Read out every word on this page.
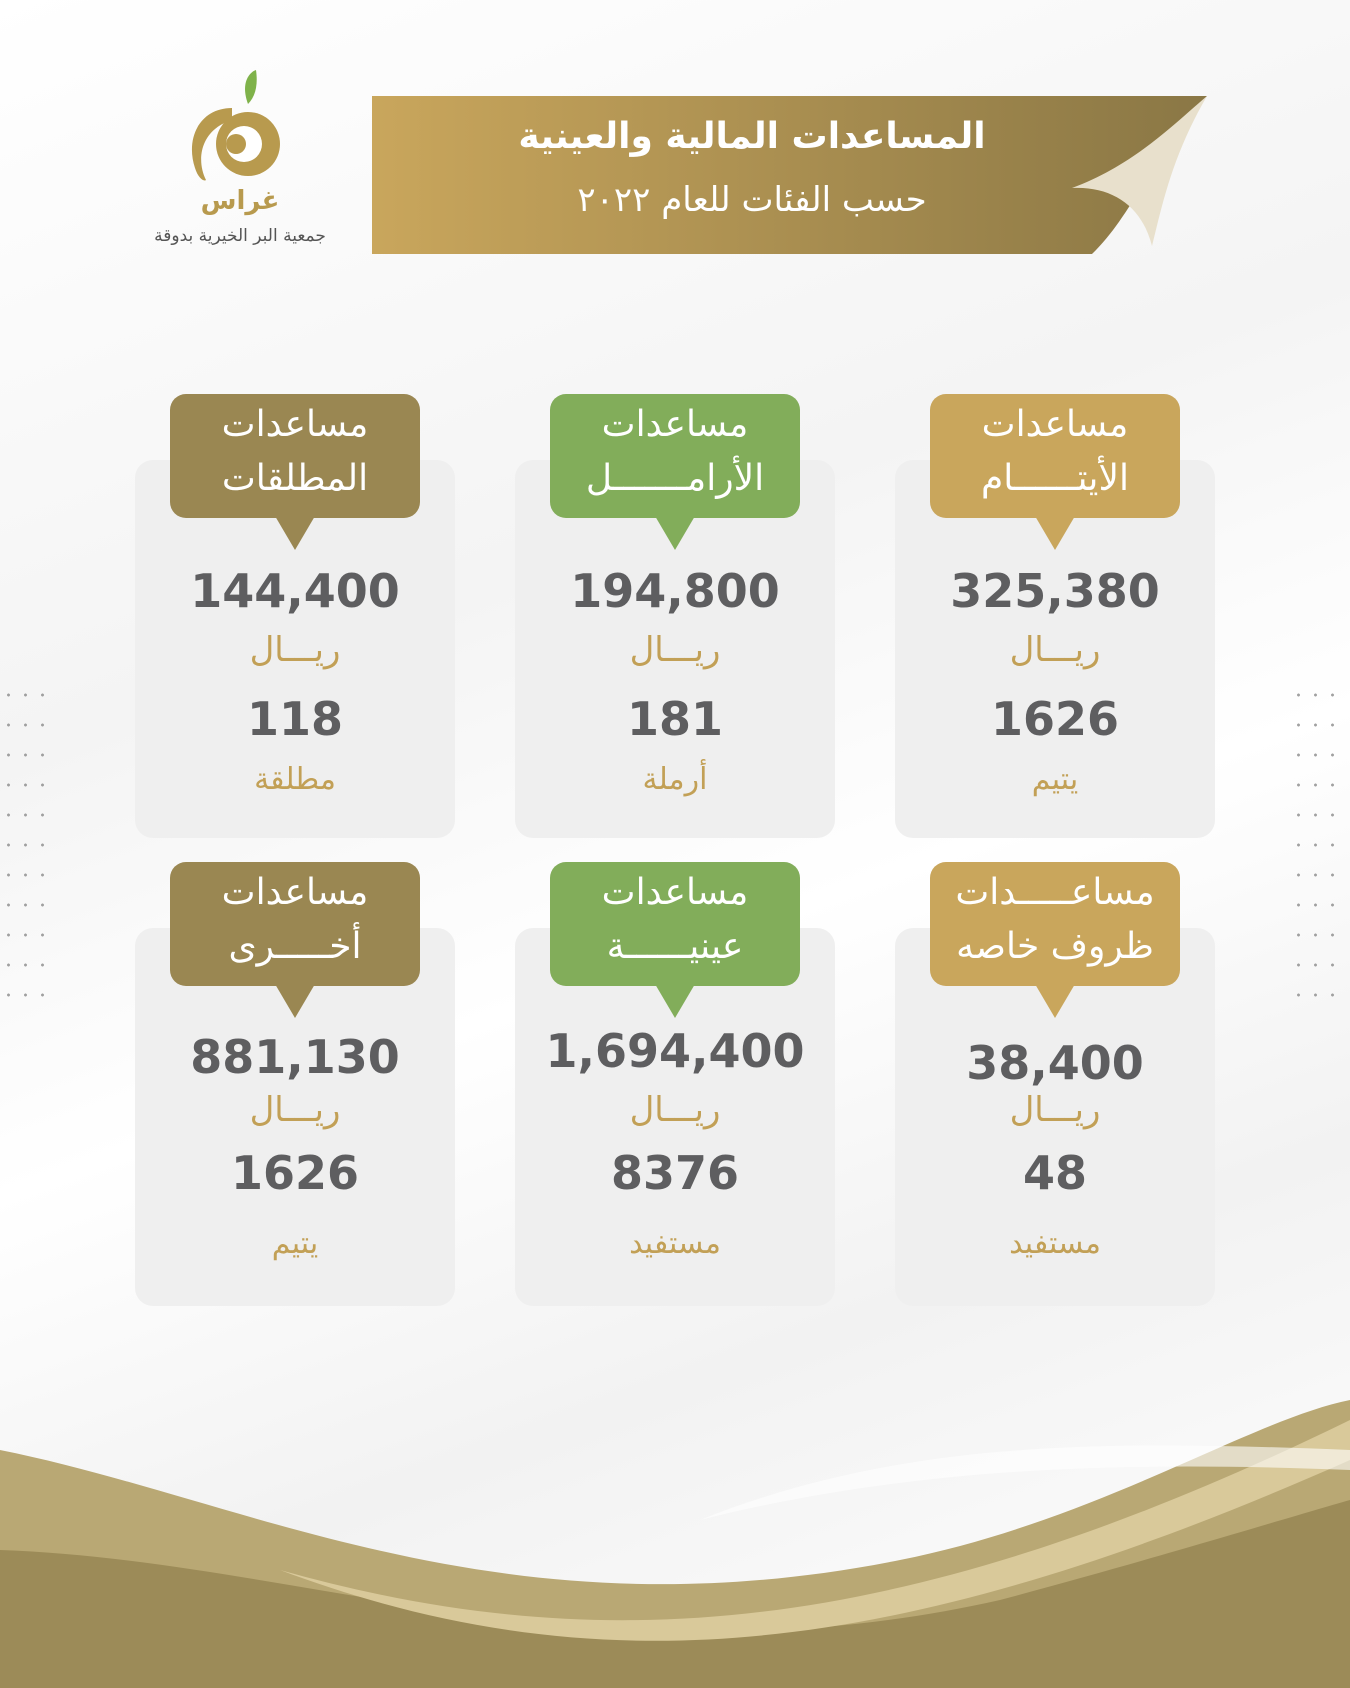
غراس
جمعية البر الخيرية بدوقة
المساعدات المالية والعينية
حسب الفئات للعام ٢٠٢٢
مساعدات
الأيتــــــام
325,380
ريـــال
1626
يتيم
مساعدات
الأرامـــــــل
194,800
ريـــال
181
أرملة
مساعدات
المطلقات
144,400
ريـــال
118
مطلقة
مساعـــــدات
ظروف خاصه
38,400
ريـــال
48
مستفيد
مساعدات
عينيــــــة
1,694,400
ريـــال
8376
مستفيد
مساعدات
أخـــــرى
881,130
ريـــال
1626
يتيم
